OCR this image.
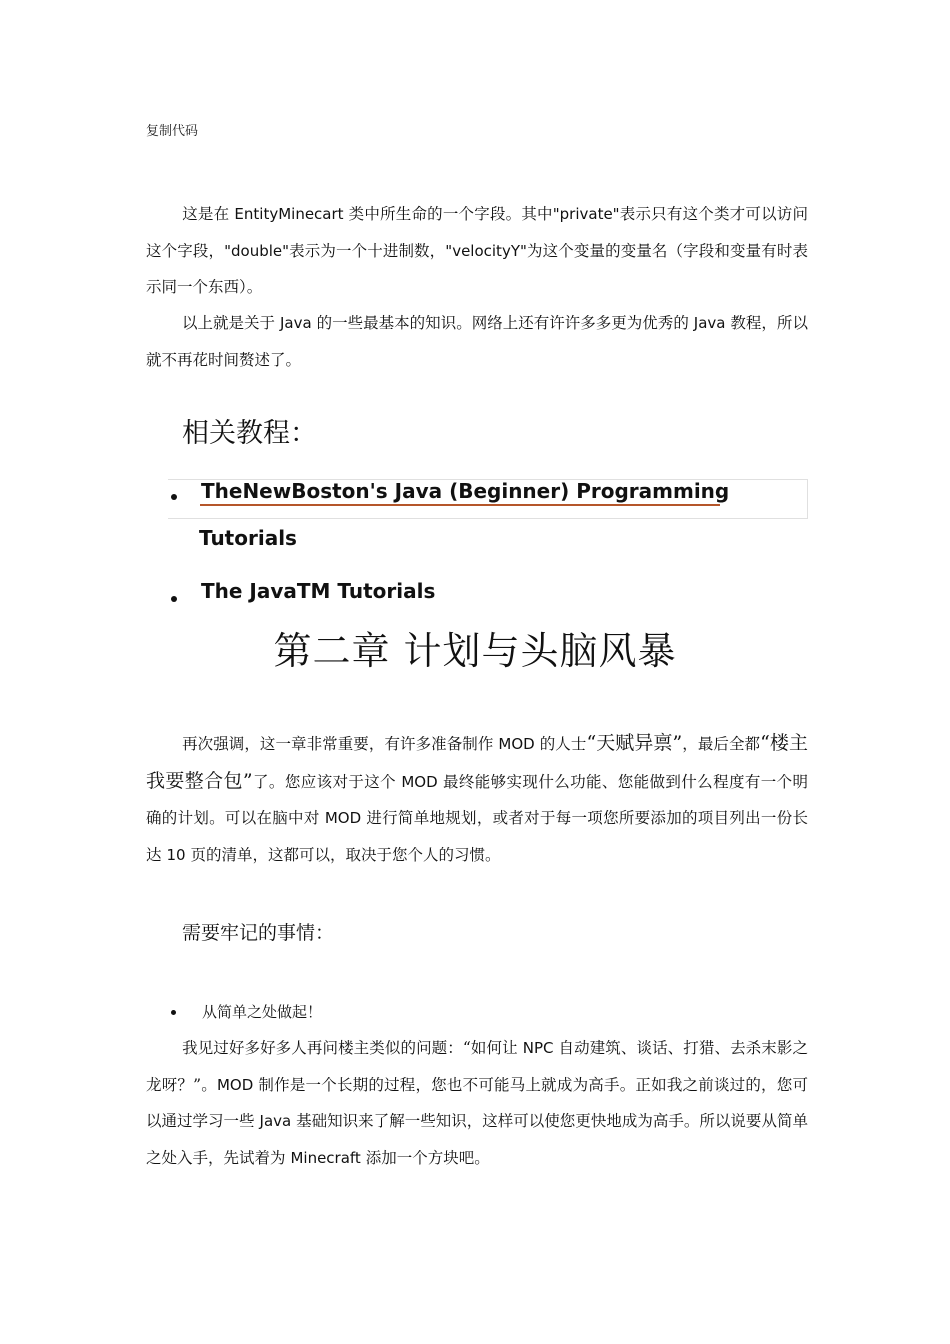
复制代码

这是在 EntityMinecart 类中所生命的一个字段。其中"private"表示只有这个类才可以访问这个字段，"double"表示为一个十进制数，"velocityY"为这个变量的变量名（字段和变量有时表示同一个东西）。

以上就是关于 Java 的一些最基本的知识。网络上还有许许多多更为优秀的 Java 教程，所以就不再花时间赘述了。

相关教程：
TheNewBoston's Java (Beginner) Programming
Tutorials
The JavaTM Tutorials
第二章 计划与头脑风暴

再次强调，这一章非常重要，有许多准备制作 MOD 的人士“天赋异禀”，最后全都“楼主我要整合包”了。您应该对于这个 MOD 最终能够实现什么功能、您能做到什么程度有一个明确的计划。可以在脑中对 MOD 进行简单地规划，或者对于每一项您所要添加的项目列出一份长达 10 页的清单，这都可以，取决于您个人的习惯。

需要牢记的事情：
从简单之处做起！

我见过好多好多人再问楼主类似的问题：“如何让 NPC 自动建筑、谈话、打猎、去杀末影之龙呀？”。MOD 制作是一个长期的过程，您也不可能马上就成为高手。正如我之前谈过的，您可以通过学习一些 Java 基础知识来了解一些知识，这样可以使您更快地成为高手。所以说要从简单之处入手，先试着为 Minecraft 添加一个方块吧。
